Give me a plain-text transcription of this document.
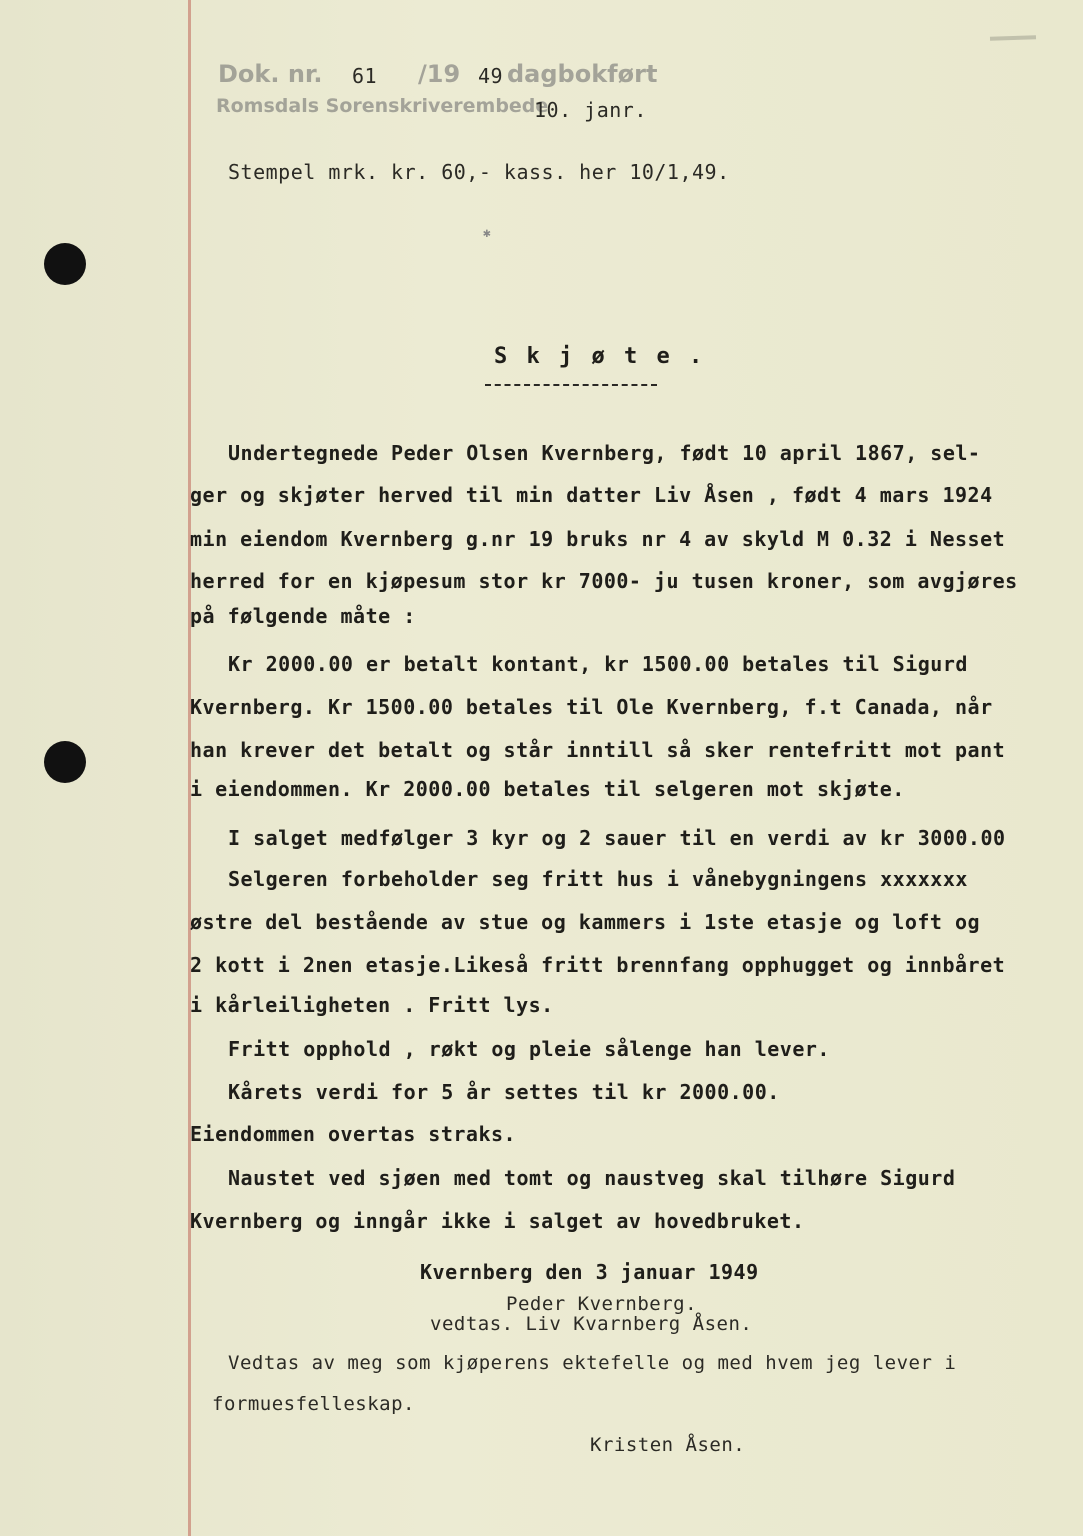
Dok. nr. 61 /19 49 dagbokført
Romsdals Sorenskriverembede
10. janr.
Stempel mrk. kr. 60,- kass. her 10/1,49.
✱
S k j ø t e .
Undertegnede Peder Olsen Kvernberg, født 10 april 1867, sel-
ger og skjøter herved til min datter Liv Åsen , født 4 mars 1924
min eiendom Kvernberg g.nr 19 bruks nr 4 av skyld M 0.32 i Nesset
herred for en kjøpesum stor kr 7000- ju tusen kroner, som avgjøres
på følgende måte :
Kr 2000.00 er betalt kontant, kr 1500.00 betales til Sigurd
Kvernberg. Kr 1500.00 betales til Ole Kvernberg, f.t Canada, når
han krever det betalt og står inntill så sker rentefritt mot pant
i eiendommen. Kr 2000.00 betales til selgeren mot skjøte.
I salget medfølger 3 kyr og 2 sauer til en verdi av kr 3000.00
Selgeren forbeholder seg fritt hus i vånebygningens xxxxxxx
østre del bestående av stue og kammers i 1ste etasje og loft og
2 kott i 2nen etasje.Likeså fritt brennfang opphugget og innbåret
i kårleiligheten . Fritt lys.
Fritt opphold , røkt og pleie sålenge han lever.
Kårets verdi for 5 år settes til kr 2000.00.
Eiendommen overtas straks.
Naustet ved sjøen med tomt og naustveg skal tilhøre Sigurd
Kvernberg og inngår ikke i salget av hovedbruket.
Kvernberg den 3 januar 1949
Peder Kvernberg.
vedtas. Liv Kvarnberg Åsen.
Vedtas av meg som kjøperens ektefelle og med hvem jeg lever i
formuesfelleskap.
Kristen Åsen.
